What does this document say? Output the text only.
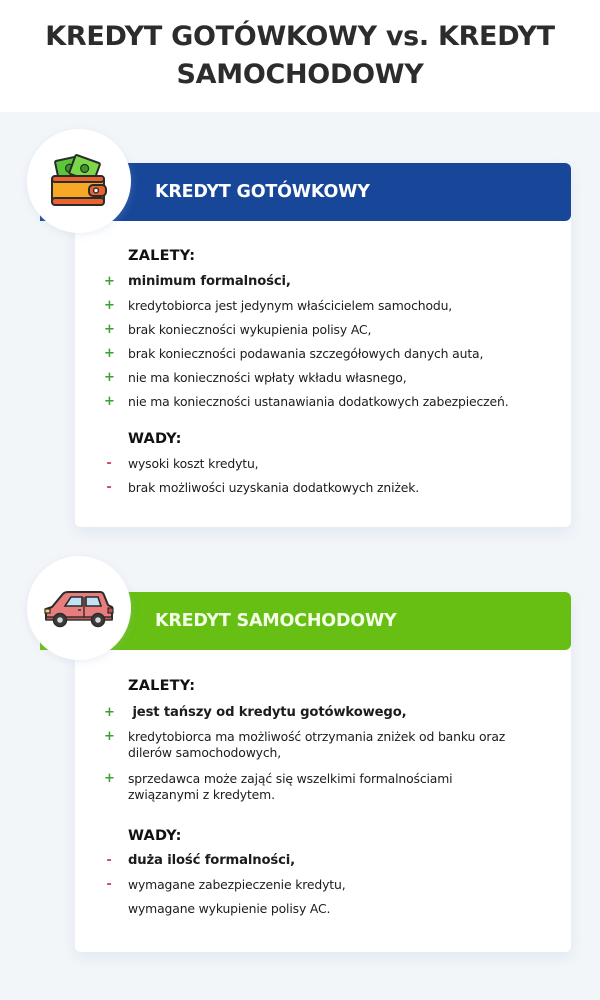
KREDYT GOTÓWKOWY vs. KREDYT SAMOCHODOWY
KREDYT GOTÓWKOWY
ZALETY:
+ minimum formalności,
+ kredytobiorca jest jedynym właścicielem samochodu,
+ brak konieczności wykupienia polisy AC,
+ brak konieczności podawania szczegółowych danych auta,
+ nie ma konieczności wpłaty wkładu własnego,
+ nie ma konieczności ustanawiania dodatkowych zabezpieczeń.
WADY:
- wysoki koszt kredytu,
- brak możliwości uzyskania dodatkowych zniżek.
KREDYT SAMOCHODOWY
ZALETY:
+ jest tańszy od kredytu gotówkowego,
+ kredytobiorca ma możliwość otrzymania zniżek od banku oraz dilerów samochodowych,
+ sprzedawca może zająć się wszelkimi formalnościami związanymi z kredytem.
WADY:
- duża ilość formalności,
- wymagane zabezpieczenie kredytu,
wymagane wykupienie polisy AC.
